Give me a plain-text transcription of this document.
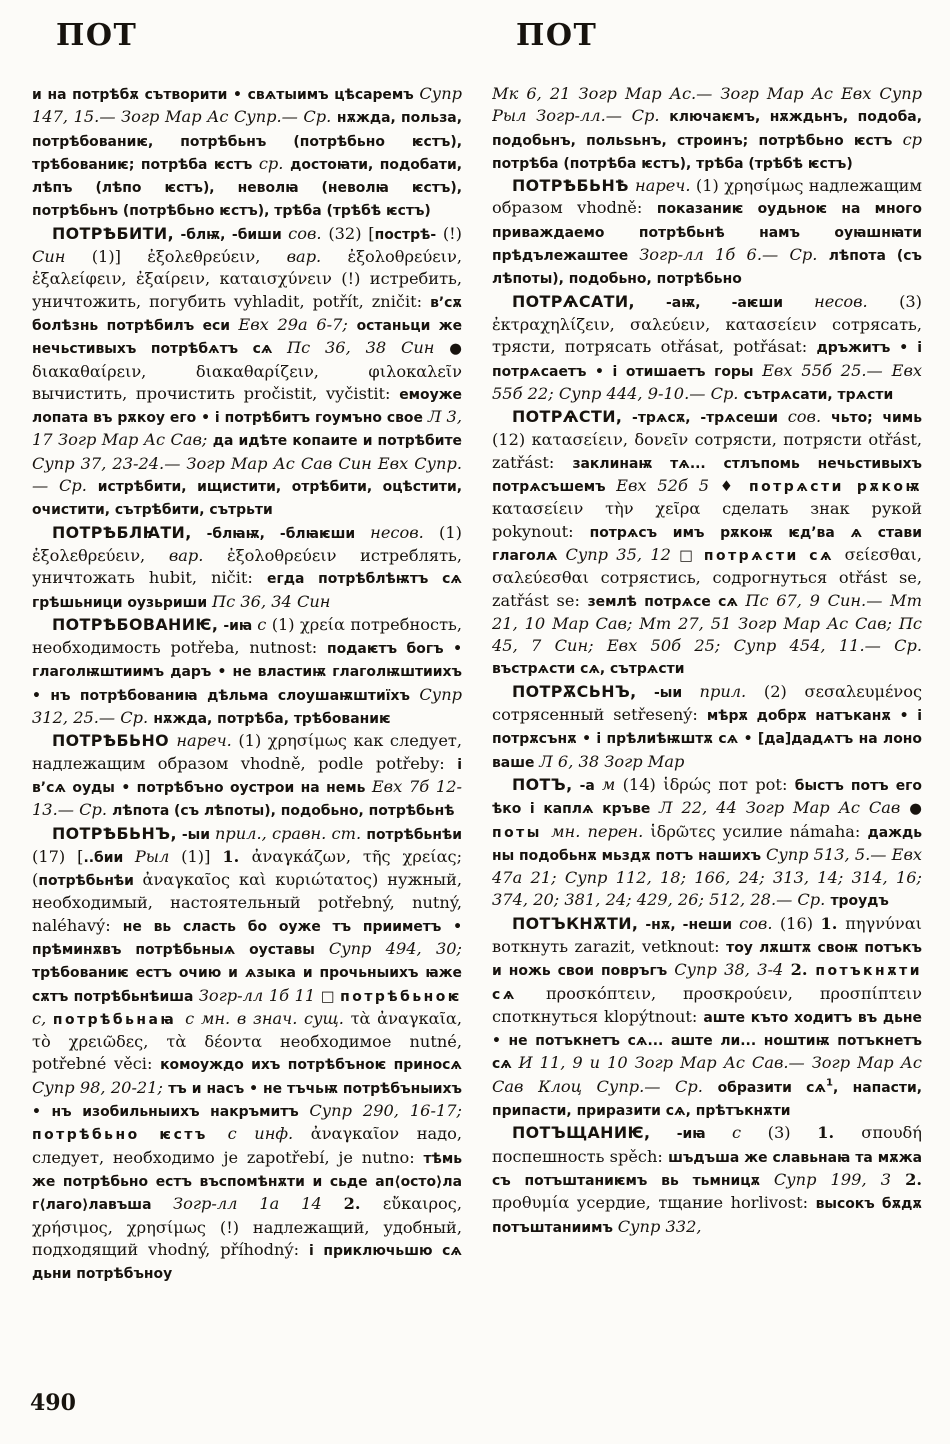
ПОТ

и на потрѣбѫ сътворити • свѧтыимъ цѣсаремъ Супр 147, 15.— Зогр Мар Ас Супр.— Ср. нѫжда, польза, потрѣбованиѥ, потрѣбьнъ (потрѣбьно ѥстъ), трѣбованиѥ; потрѣба ѥстъ ср. достоꙗти, подобати, лѣпъ (лѣпо ѥстъ), неволꙗ (неволꙗ ѥстъ), потрѣбьнъ (потрѣбьно ѥстъ), трѣба (трѣбѣ ѥстъ)

ПОТРѢБИТИ, -блѭ, -биши сов. (32) [пострѣ- (!) Син (1)] ἐξολεθρεύειν, вар. ἐξολοθρεύειν, ἐξαλείφειν, ἐξαίρειν, καταισχύνειν (!) истребить, уничтожить, погубить vyhladit, potřít, zničit: в’сѫ болѣзнь потрѣбилъ еси Евх 29а 6-7; останьци же нечьстивыхъ потрѣбѧтъ сѧ Пс 36, 38 Син ● διακαθαίρειν, διακαθαρίζειν, φιλοκαλεῖν вычистить, прочистить pročistit, vyčistit: емоуже лопата въ рѫкоу его • і потрѣбитъ гоумъно свое Л 3, 17 Зогр Мар Ас Сав; да идѣте копаите и потрѣбите Супр 37, 23-24.— Зогр Мар Ас Сав Син Евх Супр.— Ср. истрѣбити, ищистити, отрѣбити, оцѣстити, очистити, сътрѣбити, сътрьти

ПОТРѢБЛꙖТИ, -блꙗѭ, -блꙗѥши несов. (1) ἐξολεθρεύειν, вар. ἐξολοθρεύειν истреблять, уничтожать hubit, ničit: егда потрѣблѣѭтъ сѧ грѣшьници оузьриши Пс 36, 34 Син

ПОТРѢБОВАНИѤ, -иꙗ с (1) χρεία потребность, необходимость potřeba, nutnost: подаѥтъ богъ • глаголѭштиимъ даръ • не властиѭ глаголѭштиихъ • нъ потрѣбованиꙗ дѣльма слоушаѭштиїхъ Супр 312, 25.— Ср. нѫжда, потрѣба, трѣбованиѥ

ПОТРѢБЬНО нареч. (1) χρησίμως как следует, надлежащим образом vhodně, podle potřeby: і в’сѧ оуды • потрѣбъно оустрои на немь Евх 7б 12-13.— Ср. лѣпота (съ лѣпоты), подобьно, потрѣбьнѣ

ПОТРѢБЬНЪ, -ыи прил., сравн. ст. потрѣбьнѣи (17) [..бии Рыл (1)] 1. ἀναγκάζων, τῆς χρείας; (потрѣбьнѣи ἀναγκαῖος καὶ κυριώτατος) нужный, необходимый, настоятельный potřebný, nutný, naléhavý: не вь сласть бо оуже тъ прииметъ • прѣминѫвъ потрѣбьныѧ оуставы Супр 494, 30; трѣбованиѥ естъ очию и ѧзыка и прочьныихъ ꙗже сѫтъ потрѣбьнѣиша Зогр-лл 1б 11 □ потрѣбьноѥ с, потрѣбьнаꙗ с мн. в знач. сущ. τὰ ἀναγκαῖα, τὸ χρειῶδες, τὰ δέοντα необходимое nutné, potřebné věci: комоуждо ихъ потрѣбъноѥ приносѧ Супр 98, 20-21; тъ и насъ • не тъчьѭ потрѣбъныихъ • нъ изобильныихъ накръмитъ Супр 290, 16-17; потрѣбьно ѥстъ с инф. ἀναγκαῖον надо, следует, необходимо je zapotřebí, je nutno: тѣмь же потрѣбьно естъ въспомѣнѫти и сьде ап⟨осто⟩ла г⟨лаго⟩лавъша Зогр-лл 1а 14 2. εὔκαιρος, χρήσιμος, χρησίμως (!) надлежащий, удобный, подходящий vhodný, příhodný: і приключьшю сѧ дьни потрѣбъноу

ПОТ

Мк 6, 21 Зогр Мар Ас.— Зогр Мар Ас Евх Супр Рыл Зогр-лл.— Ср. ключаѥмъ, нѫждьнъ, подоба, подобьнъ, польѕьнъ, строинъ; потрѣбьно ѥстъ ср потрѣба (потрѣба ѥстъ), трѣба (трѣбѣ ѥстъ)

ПОТРѢБЬНѢ нареч. (1) χρησίμως надлежащим образом vhodně: показаниѥ оудьноѥ на много приваждаемо потрѣбьнѣ намъ оуꙗшнꙗти прѣдълежаштее Зогр-лл 1б 6.— Ср. лѣпота (съ лѣпоты), подобьно, потрѣбьно

ПОТРѦСАТИ, -аѭ, -аѥши несов. (3) ἐκτραχηλίζειν, σαλεύειν, κατασείειν сотрясать, трясти, потрясать otřásat, potřásat: дръжитъ • і потрѧсаетъ • і отишаетъ горы Евх 55б 25.— Евх 55б 22; Супр 444, 9-10.— Ср. сътрѧсати, трѧсти

ПОТРѦСТИ, -трѧсѫ, -трѧсеши сов. чьто; чимь (12) κατασείειν, δονεῖν сотрясти, потрясти otřást, zatřást: заклинаѭ тѧ... стлъпомь нечьстивыхъ потрѧсъшемъ Евх 52б 5 ♦ потрѧсти рѫкоѭ κατασείειν τὴν χεῖρα сделать знак рукой pokynout: потрѧсъ имъ рѫкоѭ ѥд’ва ѧ стави глаголѧ Супр 35, 12 □ потрѧсти сѧ σείεσθαι, σαλεύεσθαι сотрястись, содрогнуться otřást se, zatřást se: землѣ потрѧсе сѧ Пс 67, 9 Син.— Мт 21, 10 Мар Сав; Мт 27, 51 Зогр Мар Ас Сав; Пс 45, 7 Син; Евх 50б 25; Супр 454, 11.— Ср. въстрѧсти сѧ, сътрѧсти

ПОТРѪСЬНЪ, -ыи прил. (2) σεσαλευμένος сотрясенный setřesený: мѣрѫ добрѫ натъканѫ • і потрѫсънѫ • і прѣлиѣѭштѫ сѧ • [да]дадѧтъ на лоно ваше Л 6, 38 Зогр Мар

ПОТЪ, -а м (14) ἱδρώς пот pot: быстъ потъ его ѣко і каплѧ кръве Л 22, 44 Зогр Мар Ас Сав ● поты мн. перен. ἱδρῶτες усилие námaha: даждь ны подобьнѫ мьздѫ потъ нашихъ Супр 513, 5.— Евх 47а 21; Супр 112, 18; 166, 24; 313, 14; 314, 16; 374, 20; 381, 24; 429, 26; 512, 28.— Ср. троудъ

ПОТЪКНѪТИ, -нѫ, -неши сов. (16) 1. πηγνύναι воткнуть zarazit, vetknout: тоу лѫштѫ своѭ потъкъ и ножь свои повръгъ Супр 38, 3-4 2. потъкнѫти сѧ προσκόπτειν, προσκρούειν, προσπίπτειν споткнуться klopýtnout: аште къто ходитъ въ дьне • не потъкнетъ сѧ... аште ли... ноштиѭ потъкнетъ сѧ И 11, 9 и 10 Зогр Мар Ас Сав.— Зогр Мар Ас Сав Клоц Супр.— Ср. образити сѧ$^1$, напасти, припасти, приразити сѧ, прѣтъкнѫти

ПОТЪЩАНИѤ, -иꙗ с (3) 1. σπουδή поспешность spěch: шъдъша же славьнаꙗ та мѫжа съ потъштаниѥмъ вь тьмницѫ Супр 199, 3 2. προθυμία усердие, тщание horlivost: высокъ бѫдѫ потъштаниимъ Супр 332,

490
